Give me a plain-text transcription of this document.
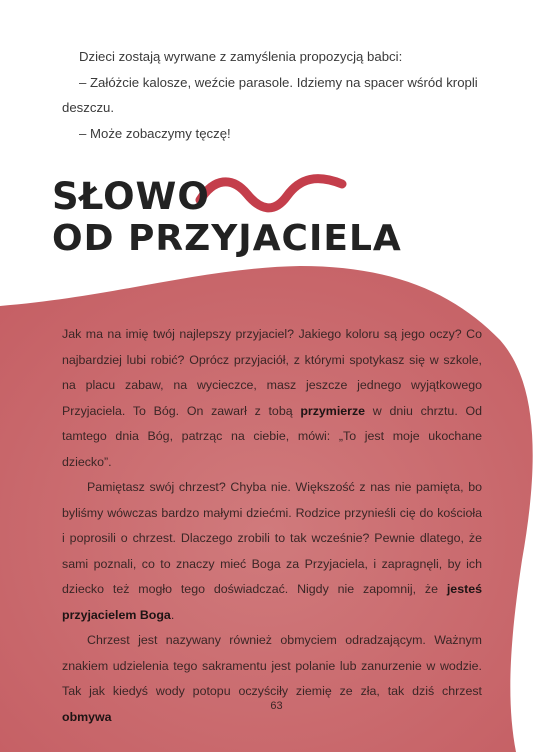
Dzieci zostają wyrwane z zamyślenia propozycją babci:

– Załóżcie kalosze, weźcie parasole. Idziemy na spacer wśród kropli deszczu.

– Może zobaczymy tęczę!

SŁOWO
OD PRZYJACIELA

Jak ma na imię twój najlepszy przyjaciel? Jakiego koloru są jego oczy? Co najbardziej lubi robić? Oprócz przyjaciół, z którymi spotykasz się w szkole, na placu zabaw, na wycieczce, masz jeszcze jednego wyjątkowego Przyjaciela. To Bóg. On zawarł z tobą przymierze w dniu chrztu. Od tamtego dnia Bóg, patrząc na ciebie, mówi: „To jest moje ukochane dziecko”.

Pamiętasz swój chrzest? Chyba nie. Większość z nas nie pamięta, bo byliśmy wówczas bardzo małymi dziećmi. Rodzice przynieśli cię do kościoła i poprosili o chrzest. Dlaczego zrobili to tak wcześnie? Pewnie dlatego, że sami poznali, co to znaczy mieć Boga za Przyjaciela, i zapragnęli, by ich dziecko też mogło tego doświadczać. Nigdy nie zapomnij, że jesteś przyjacielem Boga.

Chrzest jest nazywany również obmyciem odradzającym. Ważnym znakiem udzielenia tego sakramentu jest polanie lub zanurzenie w wodzie. Tak jak kiedyś wody potopu oczyściły ziemię ze zła, tak dziś chrzest obmywa

63
